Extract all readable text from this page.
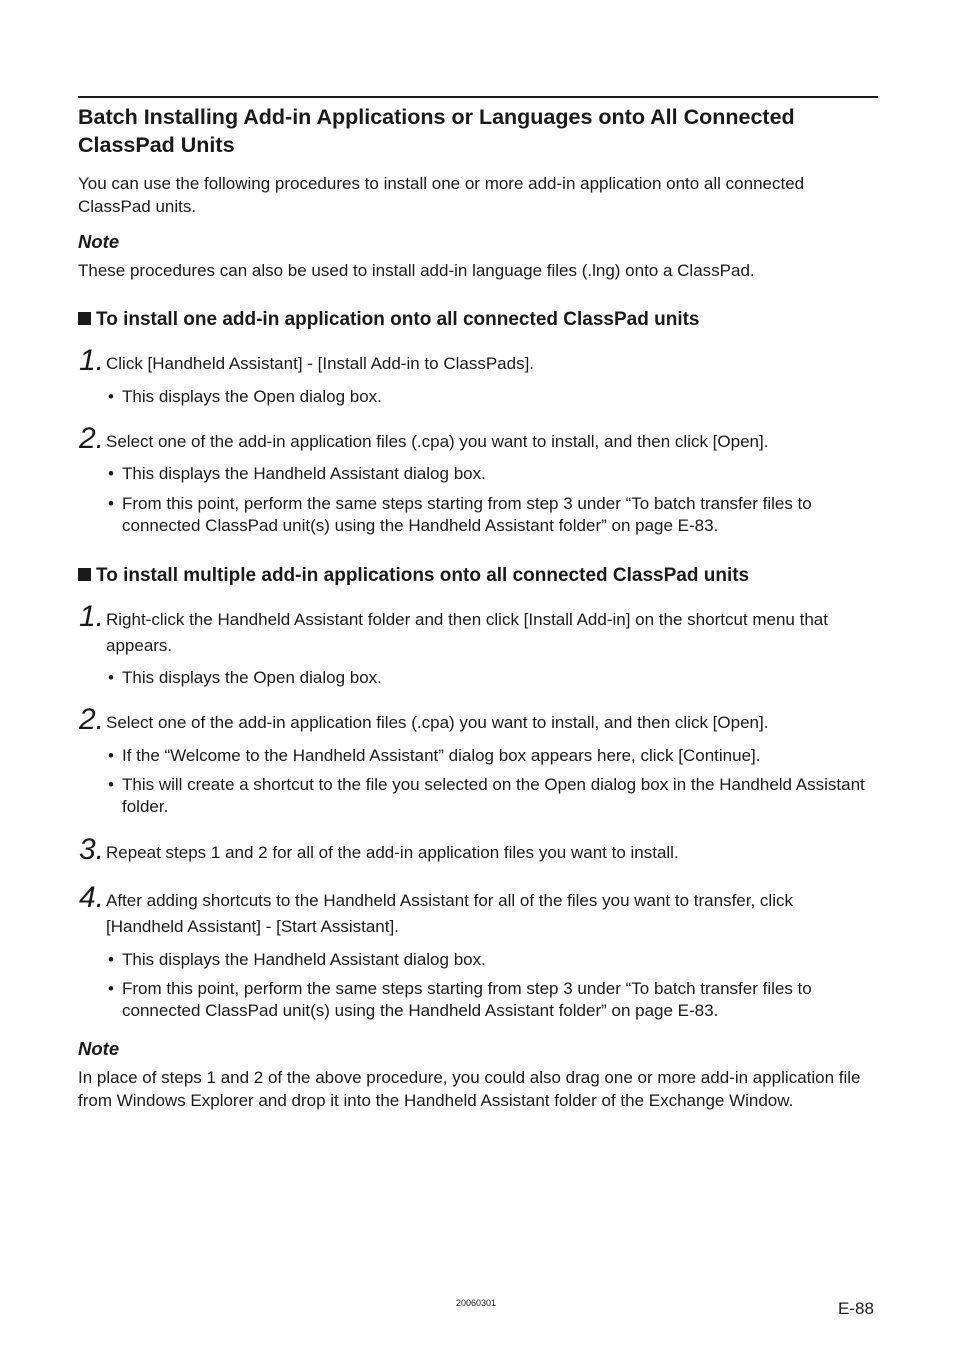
Batch Installing Add-in Applications or Languages onto All Connected ClassPad Units

You can use the following procedures to install one or more add-in application onto all connected ClassPad units.

Note

These procedures can also be used to install add-in language files (.lng) onto a ClassPad.

To install one add-in application onto all connected ClassPad units
1. Click [Handheld Assistant] - [Install Add-in to ClassPads].

• This displays the Open dialog box.

2. Select one of the add-in application files (.cpa) you want to install, and then click [Open].

• This displays the Handheld Assistant dialog box.

• From this point, perform the same steps starting from step 3 under “To batch transfer files to connected ClassPad unit(s) using the Handheld Assistant folder” on page E-83.

To install multiple add-in applications onto all connected ClassPad units
1. Right-click the Handheld Assistant folder and then click [Install Add-in] on the shortcut menu that appears.

• This displays the Open dialog box.

2. Select one of the add-in application files (.cpa) you want to install, and then click [Open].

• If the “Welcome to the Handheld Assistant” dialog box appears here, click [Continue].

• This will create a shortcut to the file you selected on the Open dialog box in the Handheld Assistant folder.

3. Repeat steps 1 and 2 for all of the add-in application files you want to install.

4. After adding shortcuts to the Handheld Assistant for all of the files you want to transfer, click [Handheld Assistant] - [Start Assistant].

• This displays the Handheld Assistant dialog box.

• From this point, perform the same steps starting from step 3 under “To batch transfer files to connected ClassPad unit(s) using the Handheld Assistant folder” on page E-83.

Note

In place of steps 1 and 2 of the above procedure, you could also drag one or more add-in application file from Windows Explorer and drop it into the Handheld Assistant folder of the Exchange Window.

20060301	E-88
